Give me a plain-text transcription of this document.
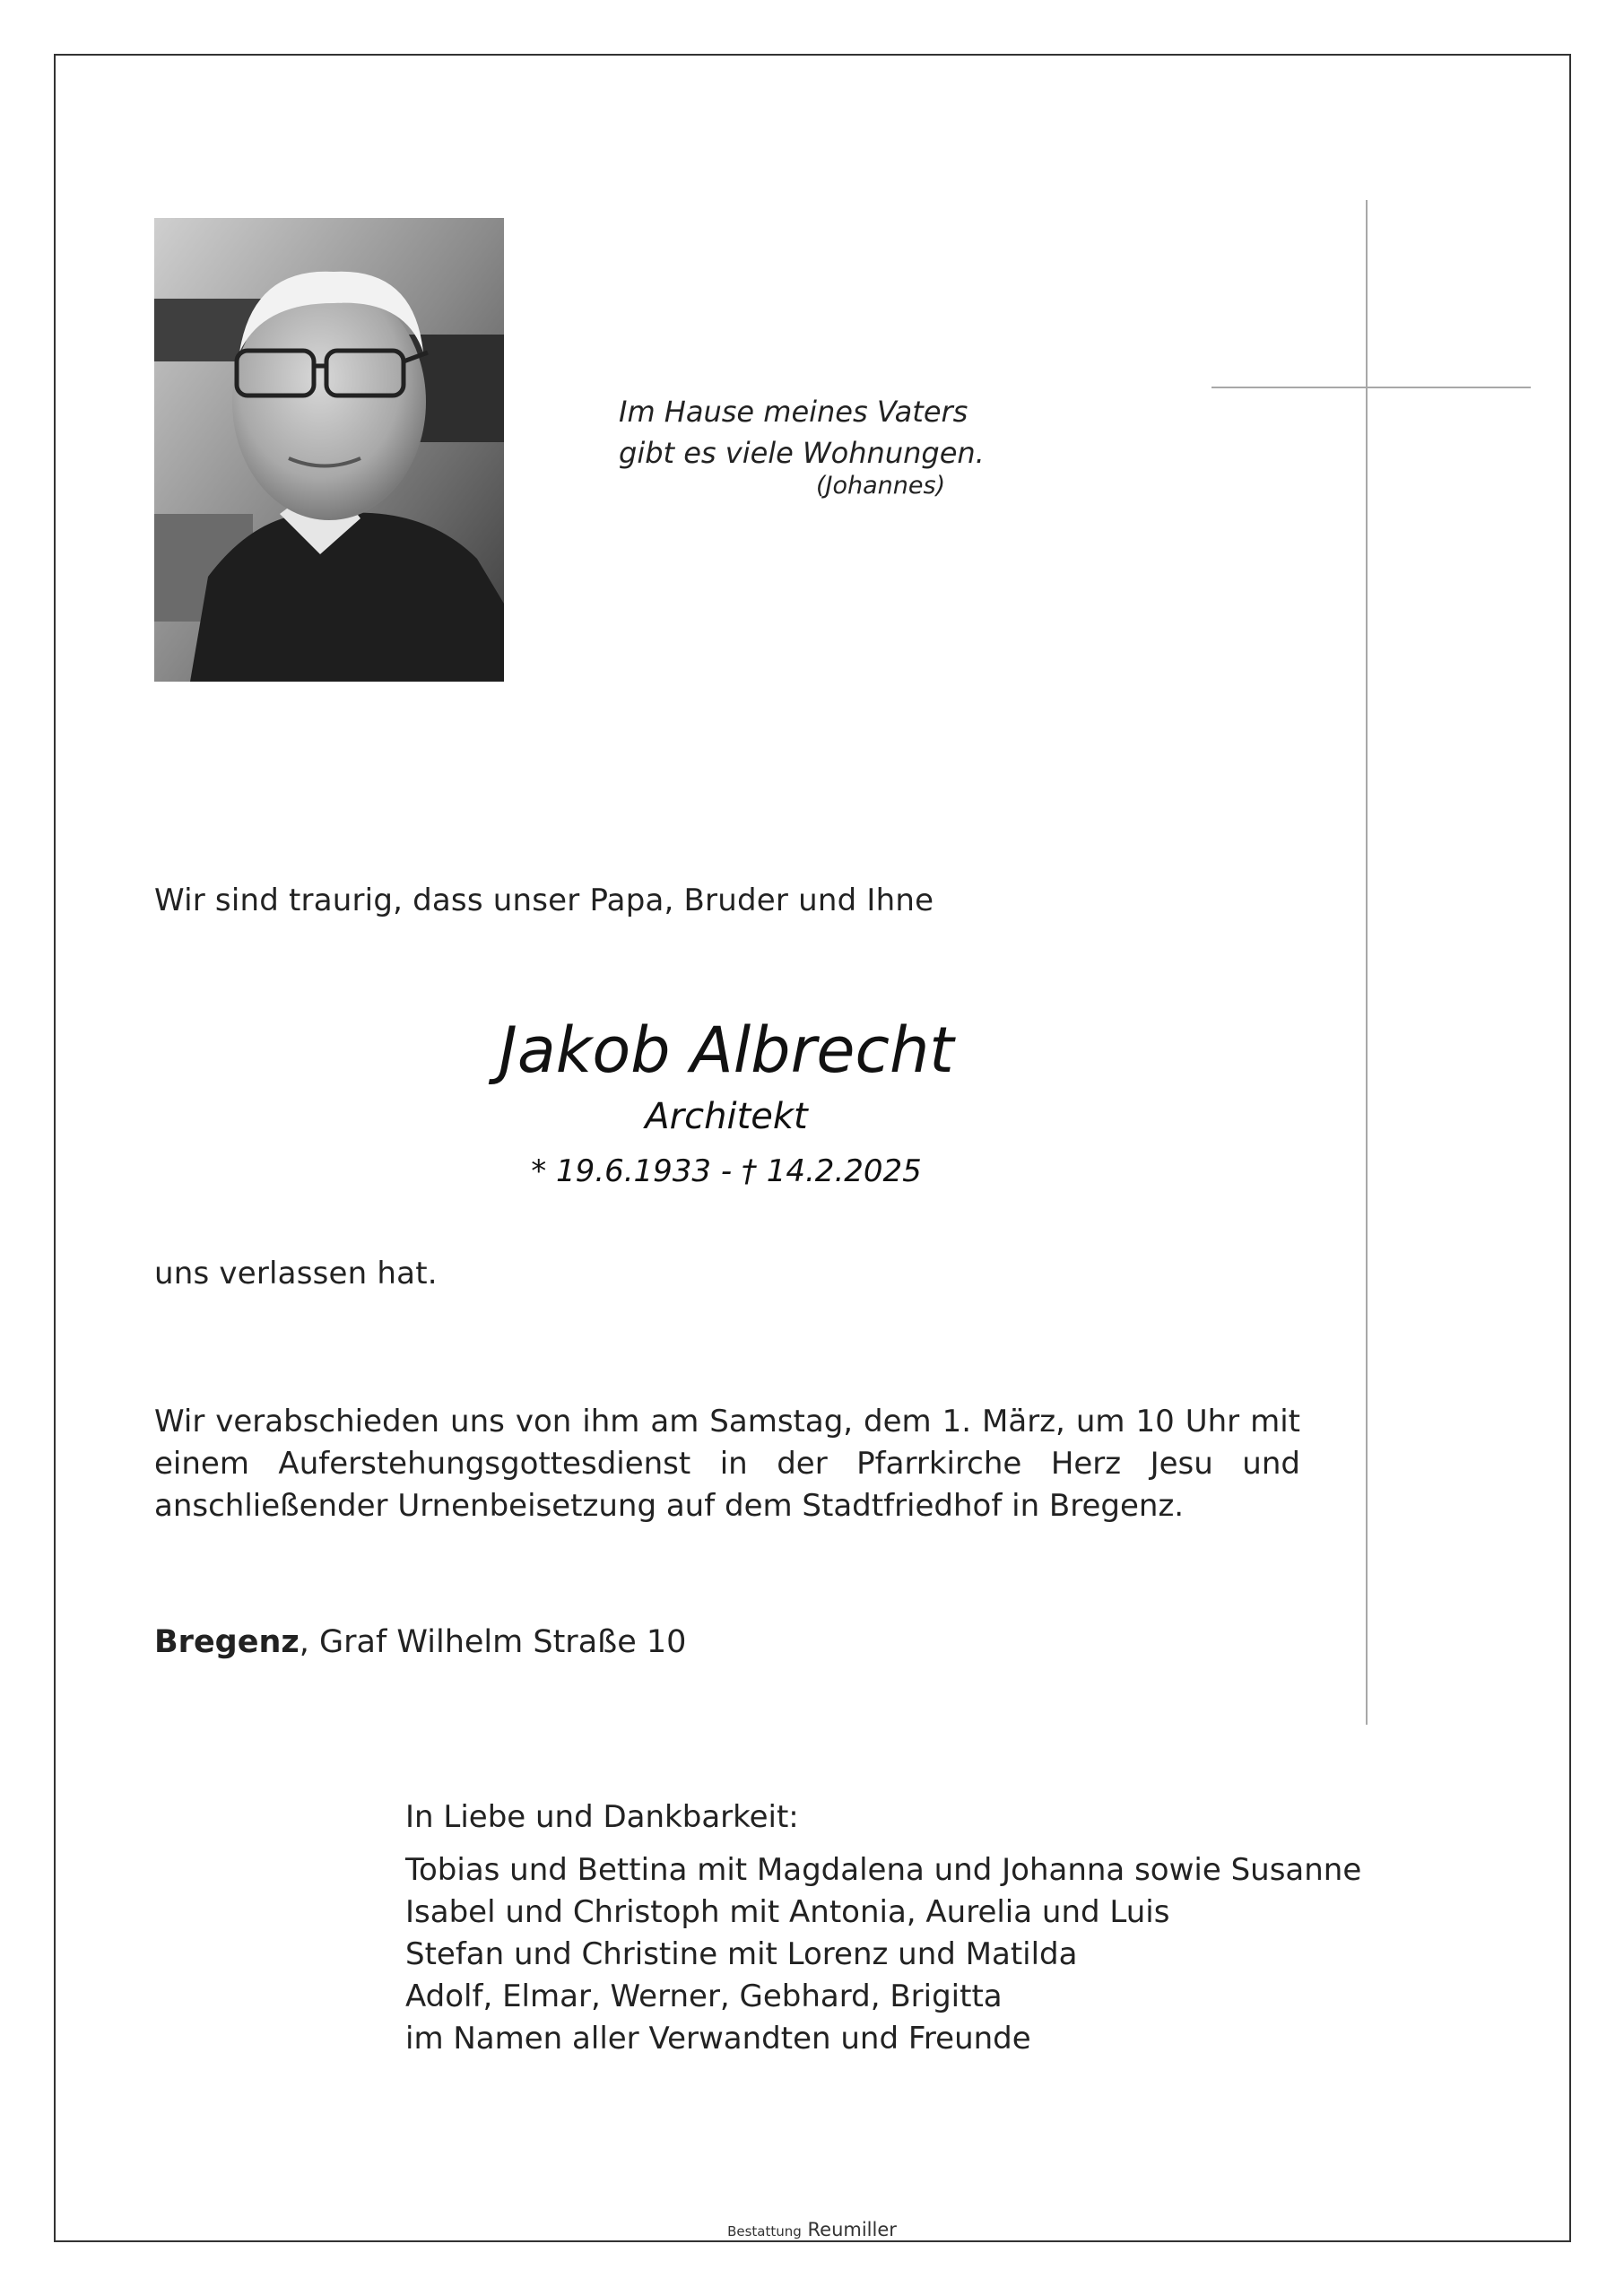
Im Hause meines Vaters
gibt es viele Wohnungen.
(Johannes)
Wir sind traurig, dass unser Papa, Bruder und Ihne
Jakob Albrecht
Architekt
* 19.6.1933 - † 14.2.2025
uns verlassen hat.
Wir verabschieden uns von ihm am Samstag, dem 1. März, um 10 Uhr mit einem Auferstehungsgottesdienst in der Pfarrkirche Herz Jesu und anschließender Urnenbeisetzung auf dem Stadtfriedhof in Bregenz.
Bregenz, Graf Wilhelm Straße 10
In Liebe und Dankbarkeit:
Tobias und Bettina mit Magdalena und Johanna sowie Susanne
Isabel und Christoph mit Antonia, Aurelia und Luis
Stefan und Christine mit Lorenz und Matilda
Adolf, Elmar, Werner, Gebhard, Brigitta
im Namen aller Verwandten und Freunde
Bestattung Reumiller
